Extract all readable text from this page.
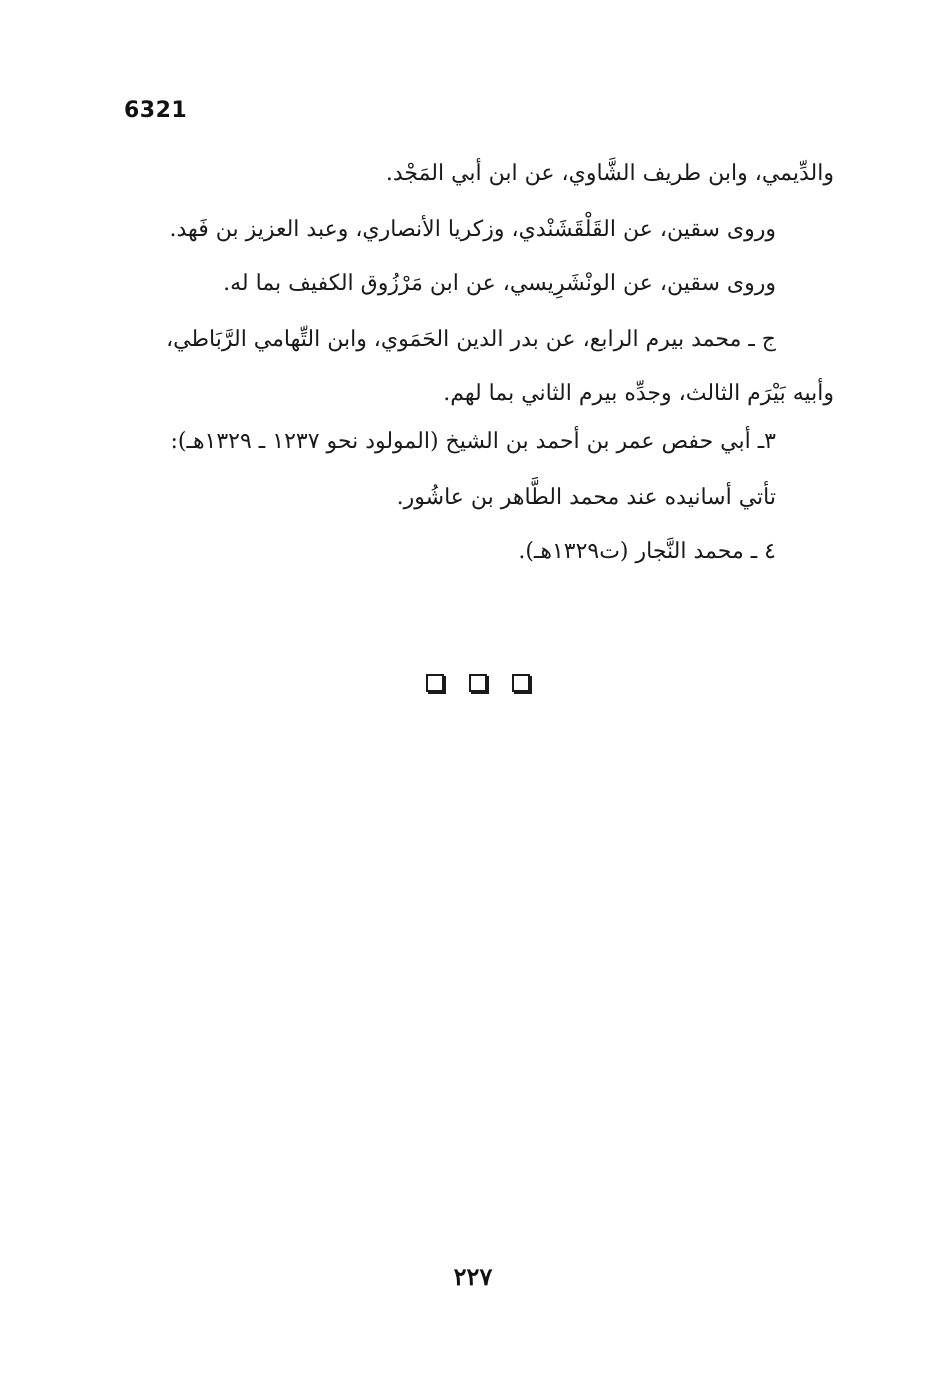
6321
والدِّيمي، وابن طريف الشَّاوي، عن ابن أبي المَجْد.
وروى سقين، عن القَلْقَشَنْدي، وزكريا الأنصاري، وعبد العزيز بن فَهد.
وروى سقين، عن الونْشَرِيسي، عن ابن مَرْزُوق الكفيف بما له.
ج ـ محمد بيرم الرابع، عن بدر الدين الحَمَوي، وابن التِّهامي الرَّبَاطي،
وأبيه بَيْرَم الثالث، وجدِّه بيرم الثاني بما لهم.
٣ـ أبي حفص عمر بن أحمد بن الشيخ (المولود نحو ١٢٣٧ ـ ١٣٢٩هـ):
تأتي أسانيده عند محمد الطَّاهر بن عاشُور.
٤ ـ محمد النَّجار (ت١٣٢٩هـ).
٢٢٧
